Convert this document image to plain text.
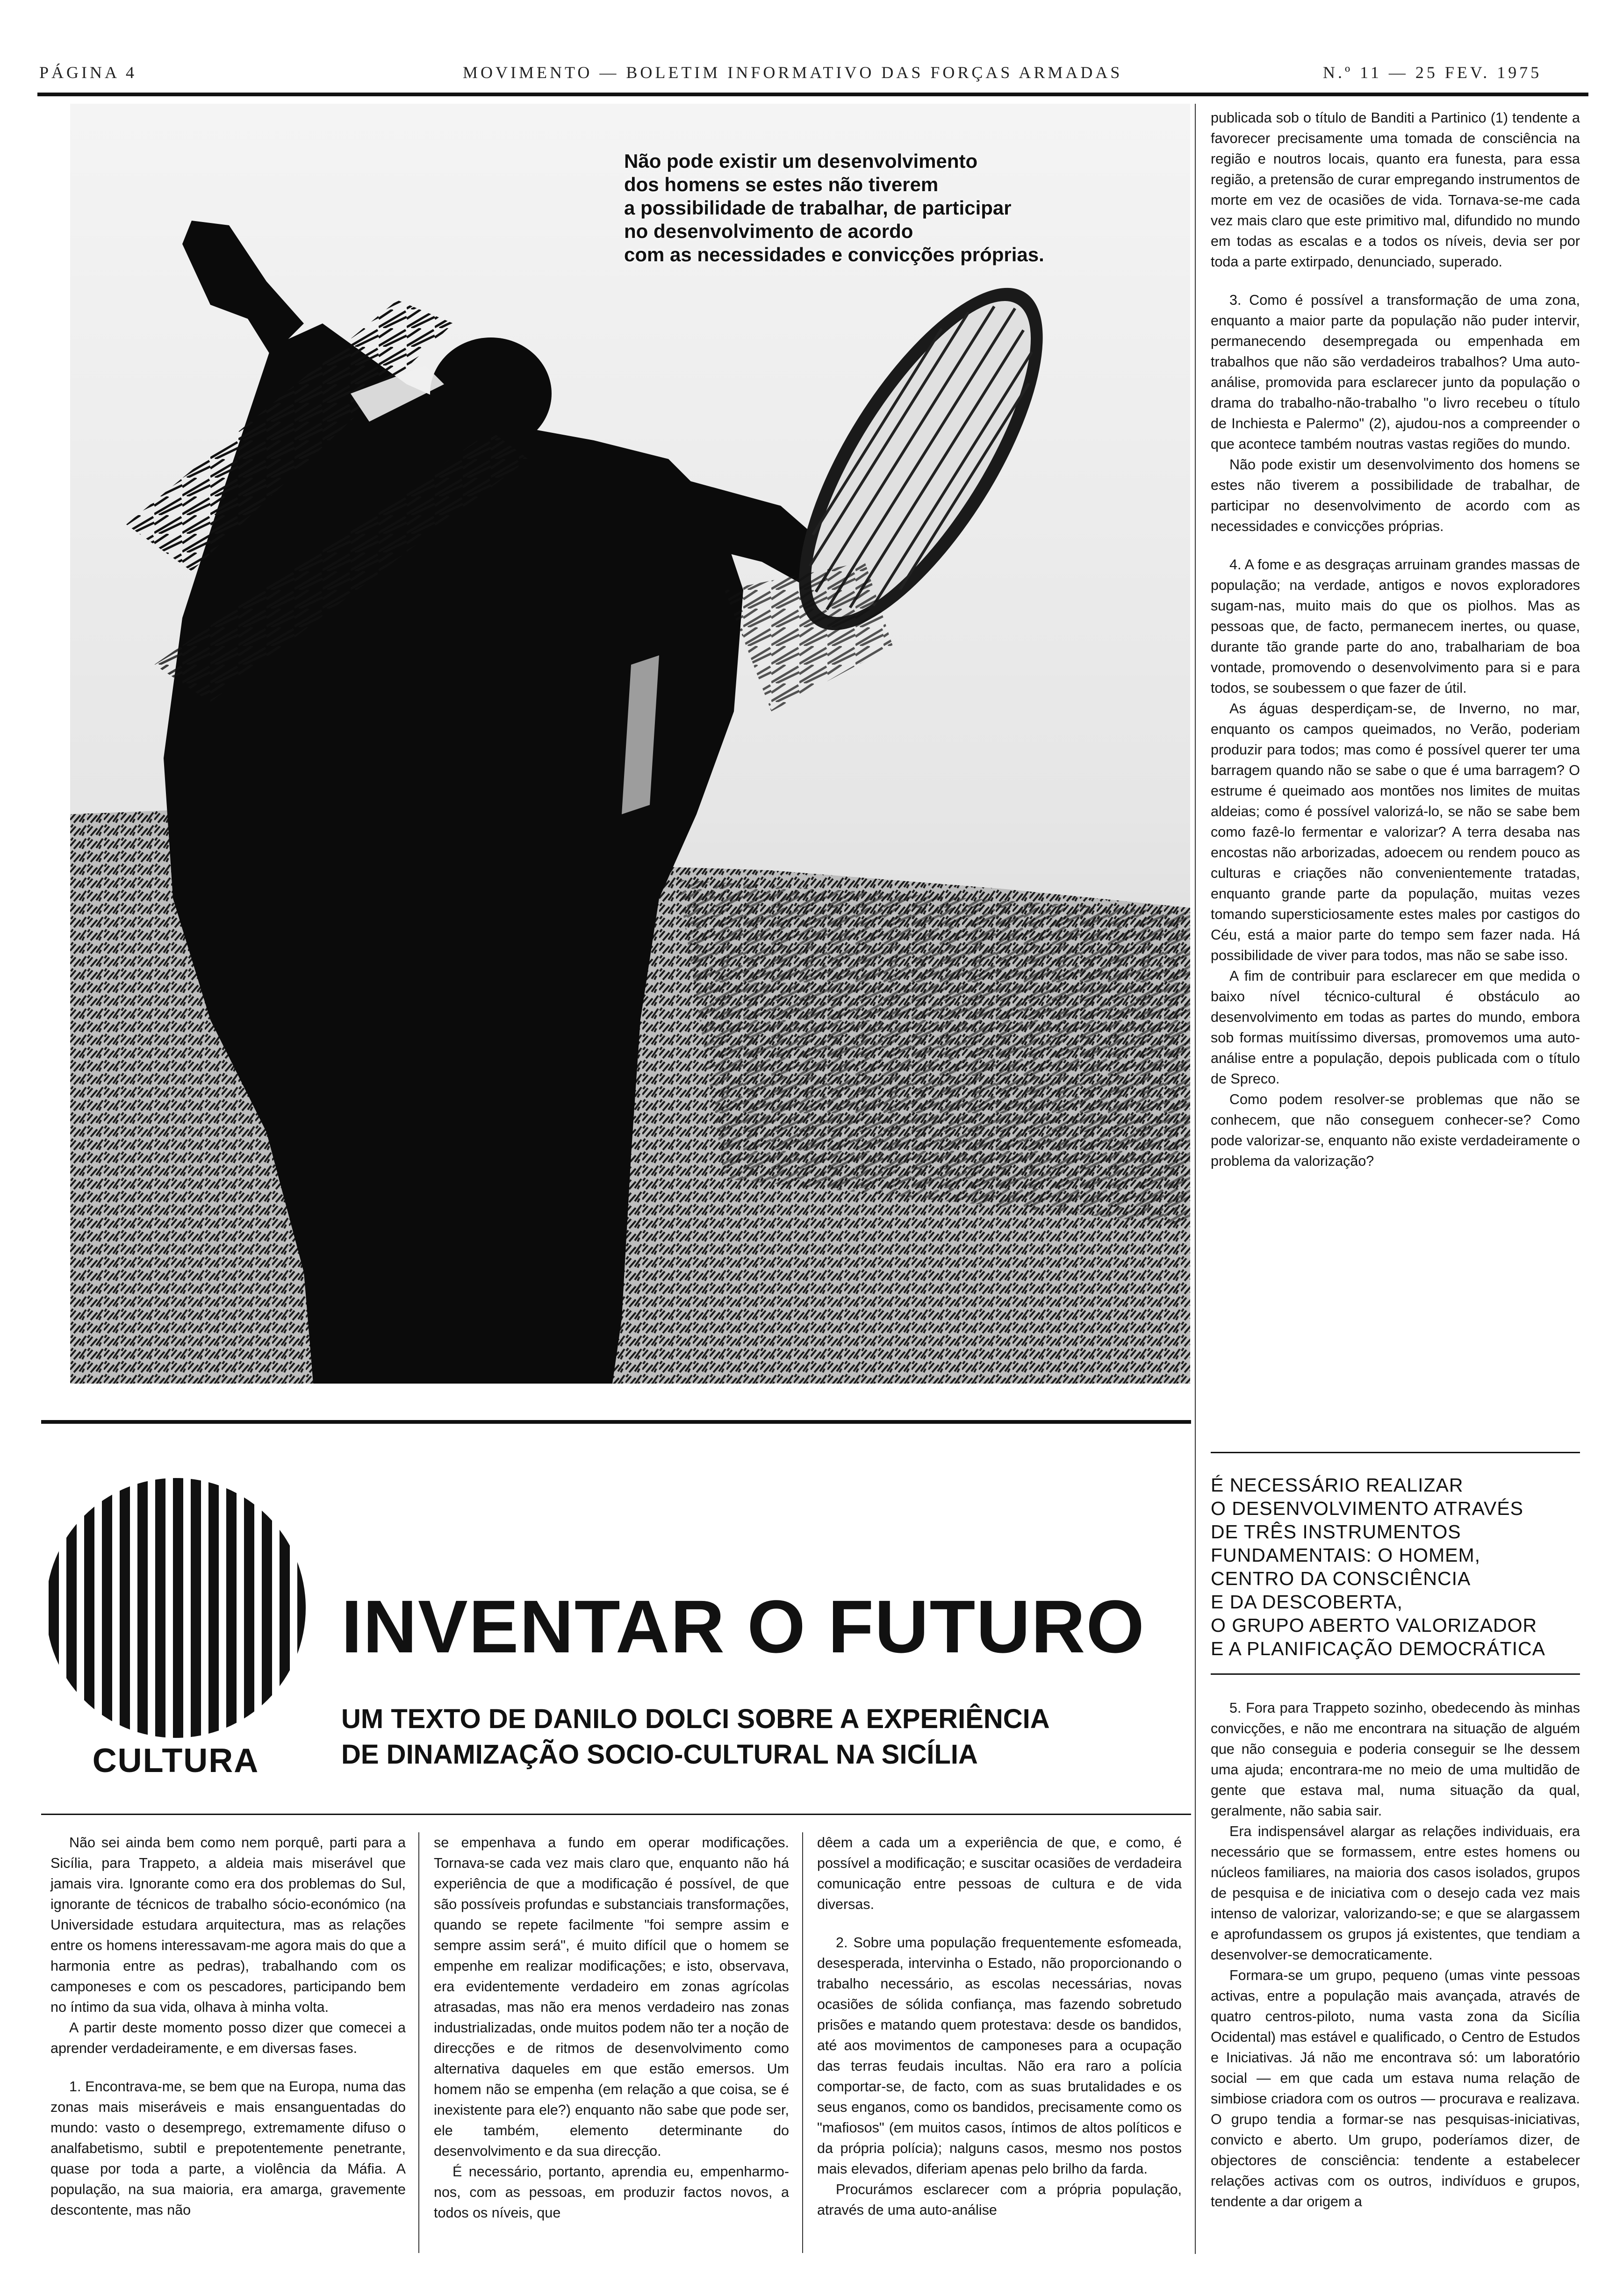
PÁGINA 4	MOVIMENTO — BOLETIM INFORMATIVO DAS FORÇAS ARMADAS	N.º 11 — 25 FEV. 1975
Não pode existir um desenvolvimento
dos homens se estes não tiverem
a possibilidade de trabalhar, de participar
no desenvolvimento de acordo
com as necessidades e convicções próprias.

publicada sob o título de Banditi a Partinico (1) tendente a favorecer precisamente uma tomada de consciência na região e noutros locais, quanto era funesta, para essa região, a pretensão de curar empregando instrumentos de morte em vez de ocasiões de vida. Tornava-se-me cada vez mais claro que este primitivo mal, difundido no mundo em todas as escalas e a todos os níveis, devia ser por toda a parte extirpado, denunciado, superado.

3. Como é possível a transformação de uma zona, enquanto a maior parte da população não puder intervir, permanecendo desempregada ou empenhada em trabalhos que não são verdadeiros trabalhos? Uma auto-análise, promovida para esclarecer junto da população o drama do trabalho-não-trabalho "o livro recebeu o título de Inchiesta e Palermo" (2), ajudou-nos a compreender o que acontece também noutras vastas regiões do mundo.

Não pode existir um desenvolvimento dos homens se estes não tiverem a possibilidade de trabalhar, de participar no desenvolvimento de acordo com as necessidades e convicções próprias.

4. A fome e as desgraças arruinam grandes massas de população; na verdade, antigos e novos exploradores sugam-nas, muito mais do que os piolhos. Mas as pessoas que, de facto, permanecem inertes, ou quase, durante tão grande parte do ano, trabalhariam de boa vontade, promovendo o desenvolvimento para si e para todos, se soubessem o que fazer de útil.

As águas desperdiçam-se, de Inverno, no mar, enquanto os campos queimados, no Verão, poderiam produzir para todos; mas como é possível querer ter uma barragem quando não se sabe o que é uma barragem? O estrume é queimado aos montões nos limites de muitas aldeias; como é possível valorizá-lo, se não se sabe bem como fazê-lo fermentar e valorizar? A terra desaba nas encostas não arborizadas, adoecem ou rendem pouco as culturas e criações não convenientemente tratadas, enquanto grande parte da população, muitas vezes tomando supersticiosamente estes males por castigos do Céu, está a maior parte do tempo sem fazer nada. Há possibilidade de viver para todos, mas não se sabe isso.

A fim de contribuir para esclarecer em que medida o baixo nível técnico-cultural é obstáculo ao desenvolvimento em todas as partes do mundo, embora sob formas muitíssimo diversas, promovemos uma auto-análise entre a população, depois publicada com o título de Spreco.

Como podem resolver-se problemas que não se conhecem, que não conseguem conhecer-se? Como pode valorizar-se, enquanto não existe verdadeiramente o problema da valorização?

CULTURA
INVENTAR O FUTURO
UM TEXTO DE DANILO DOLCI SOBRE A EXPERIÊNCIA
DE DINAMIZAÇÃO SOCIO-CULTURAL NA SICÍLIA
É NECESSÁRIO REALIZAR
O DESENVOLVIMENTO ATRAVÉS
DE TRÊS INSTRUMENTOS
FUNDAMENTAIS: O HOMEM,
CENTRO DA CONSCIÊNCIA
E DA DESCOBERTA,
O GRUPO ABERTO VALORIZADOR
E A PLANIFICAÇÃO DEMOCRÁTICA

5. Fora para Trappeto sozinho, obedecendo às minhas convicções, e não me encontrara na situação de alguém que não conseguia e poderia conseguir se lhe dessem uma ajuda; encontrara-me no meio de uma multidão de gente que estava mal, numa situação da qual, geralmente, não sabia sair.

Era indispensável alargar as relações individuais, era necessário que se formassem, entre estes homens ou núcleos familiares, na maioria dos casos isolados, grupos de pesquisa e de iniciativa com o desejo cada vez mais intenso de valorizar, valorizando-se; e que se alargassem e aprofundassem os grupos já existentes, que tendiam a desenvolver-se democraticamente.

Formara-se um grupo, pequeno (umas vinte pessoas activas, entre a população mais avançada, através de quatro centros-piloto, numa vasta zona da Sicília Ocidental) mas estável e qualificado, o Centro de Estudos e Iniciativas. Já não me encontrava só: um laboratório social — em que cada um estava numa relação de simbiose criadora com os outros — procurava e realizava. O grupo tendia a formar-se nas pesquisas-iniciativas, convicto e aberto. Um grupo, poderíamos dizer, de objectores de consciência: tendente a estabelecer relações activas com os outros, indivíduos e grupos, tendente a dar origem a

Não sei ainda bem como nem porquê, parti para a Sicília, para Trappeto, a aldeia mais miserável que jamais vira. Ignorante como era dos problemas do Sul, ignorante de técnicos de trabalho sócio-económico (na Universidade estudara arquitectura, mas as relações entre os homens interessavam-me agora mais do que a harmonia entre as pedras), trabalhando com os camponeses e com os pescadores, participando bem no íntimo da sua vida, olhava à minha volta.

A partir deste momento posso dizer que comecei a aprender verdadeiramente, e em diversas fases.

1. Encontrava-me, se bem que na Europa, numa das zonas mais miseráveis e mais ensanguentadas do mundo: vasto o desemprego, extremamente difuso o analfabetismo, subtil e prepotentemente penetrante, quase por toda a parte, a violência da Máfia. A população, na sua maioria, era amarga, gravemente descontente, mas não

se empenhava a fundo em operar modificações. Tornava-se cada vez mais claro que, enquanto não há experiência de que a modificação é possível, de que são possíveis profundas e substanciais transformações, quando se repete facilmente "foi sempre assim e sempre assim será", é muito difícil que o homem se empenhe em realizar modificações; e isto, observava, era evidentemente verdadeiro em zonas agrícolas atrasadas, mas não era menos verdadeiro nas zonas industrializadas, onde muitos podem não ter a noção de direcções e de ritmos de desenvolvimento como alternativa daqueles em que estão emersos. Um homem não se empenha (em relação a que coisa, se é inexistente para ele?) enquanto não sabe que pode ser, ele também, elemento determinante do desenvolvimento e da sua direcção.

É necessário, portanto, aprendia eu, empenharmo-nos, com as pessoas, em produzir factos novos, a todos os níveis, que

dêem a cada um a experiência de que, e como, é possível a modificação; e suscitar ocasiões de verdadeira comunicação entre pessoas de cultura e de vida diversas.

2. Sobre uma população frequentemente esfomeada, desesperada, intervinha o Estado, não proporcionando o trabalho necessário, as escolas necessárias, novas ocasiões de sólida confiança, mas fazendo sobretudo prisões e matando quem protestava: desde os bandidos, até aos movimentos de camponeses para a ocupação das terras feudais incultas. Não era raro a polícia comportar-se, de facto, com as suas brutalidades e os seus enganos, como os bandidos, precisamente como os "mafiosos" (em muitos casos, íntimos de altos políticos e da própria polícia); nalguns casos, mesmo nos postos mais elevados, diferiam apenas pelo brilho da farda.

Procurámos esclarecer com a própria população, através de uma auto-análise
